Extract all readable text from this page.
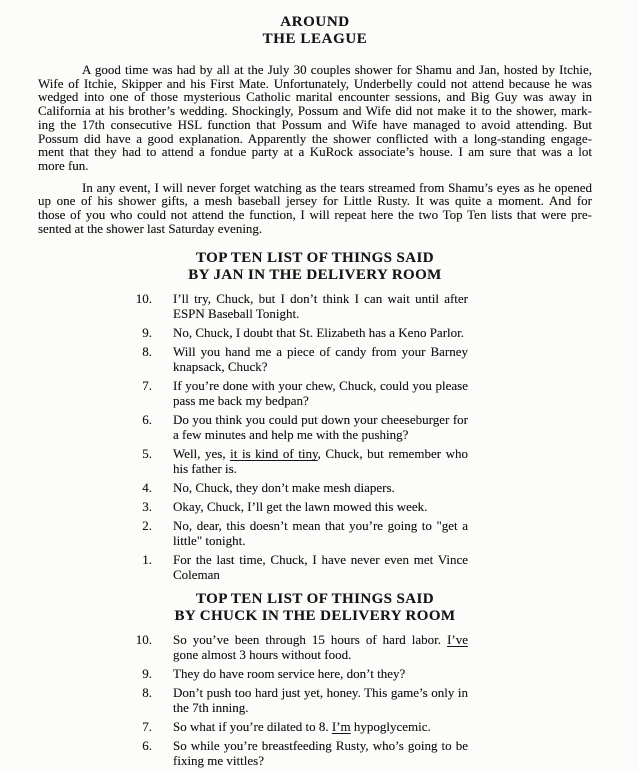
AROUND
THE LEAGUE
A good time was had by all at the July 30 couples shower for Shamu and Jan, hosted by Itchie,
Wife of Itchie, Skipper and his First Mate. Unfortunately, Underbelly could not attend because he was
wedged into one of those mysterious Catholic marital encounter sessions, and Big Guy was away in
California at his brother’s wedding. Shockingly, Possum and Wife did not make it to the shower, mark-
ing the 17th consecutive HSL function that Possum and Wife have managed to avoid attending. But
Possum did have a good explanation. Apparently the shower conflicted with a long-standing engage-
ment that they had to attend a fondue party at a KuRock associate’s house. I am sure that was a lot
more fun.
In any event, I will never forget watching as the tears streamed from Shamu’s eyes as he opened
up one of his shower gifts, a mesh baseball jersey for Little Rusty. It was quite a moment. And for
those of you who could not attend the function, I will repeat here the two Top Ten lists that were pre-
sented at the shower last Saturday evening.
TOP TEN LIST OF THINGS SAID
BY JAN IN THE DELIVERY ROOM
10. I’ll try, Chuck, but I don’t think I can wait until after ESPN Baseball Tonight.
9. No, Chuck, I doubt that St. Elizabeth has a Keno Parlor.
8. Will you hand me a piece of candy from your Barney knapsack, Chuck?
7. If you’re done with your chew, Chuck, could you please pass me back my bedpan?
6. Do you think you could put down your cheeseburger for a few minutes and help me with the pushing?
5. Well, yes, it is kind of tiny, Chuck, but remember who his father is.
4. No, Chuck, they don’t make mesh diapers.
3. Okay, Chuck, I’ll get the lawn mowed this week.
2. No, dear, this doesn’t mean that you’re going to "get a little" tonight.
1. For the last time, Chuck, I have never even met Vince Coleman
TOP TEN LIST OF THINGS SAID
BY CHUCK IN THE DELIVERY ROOM
10. So you’ve been through 15 hours of hard labor. I’ve gone almost 3 hours without food.
9. They do have room service here, don’t they?
8. Don’t push too hard just yet, honey. This game’s only in the 7th inning.
7. So what if you’re dilated to 8. I’m hypoglycemic.
6. So while you’re breastfeeding Rusty, who’s going to be fixing me vittles?
